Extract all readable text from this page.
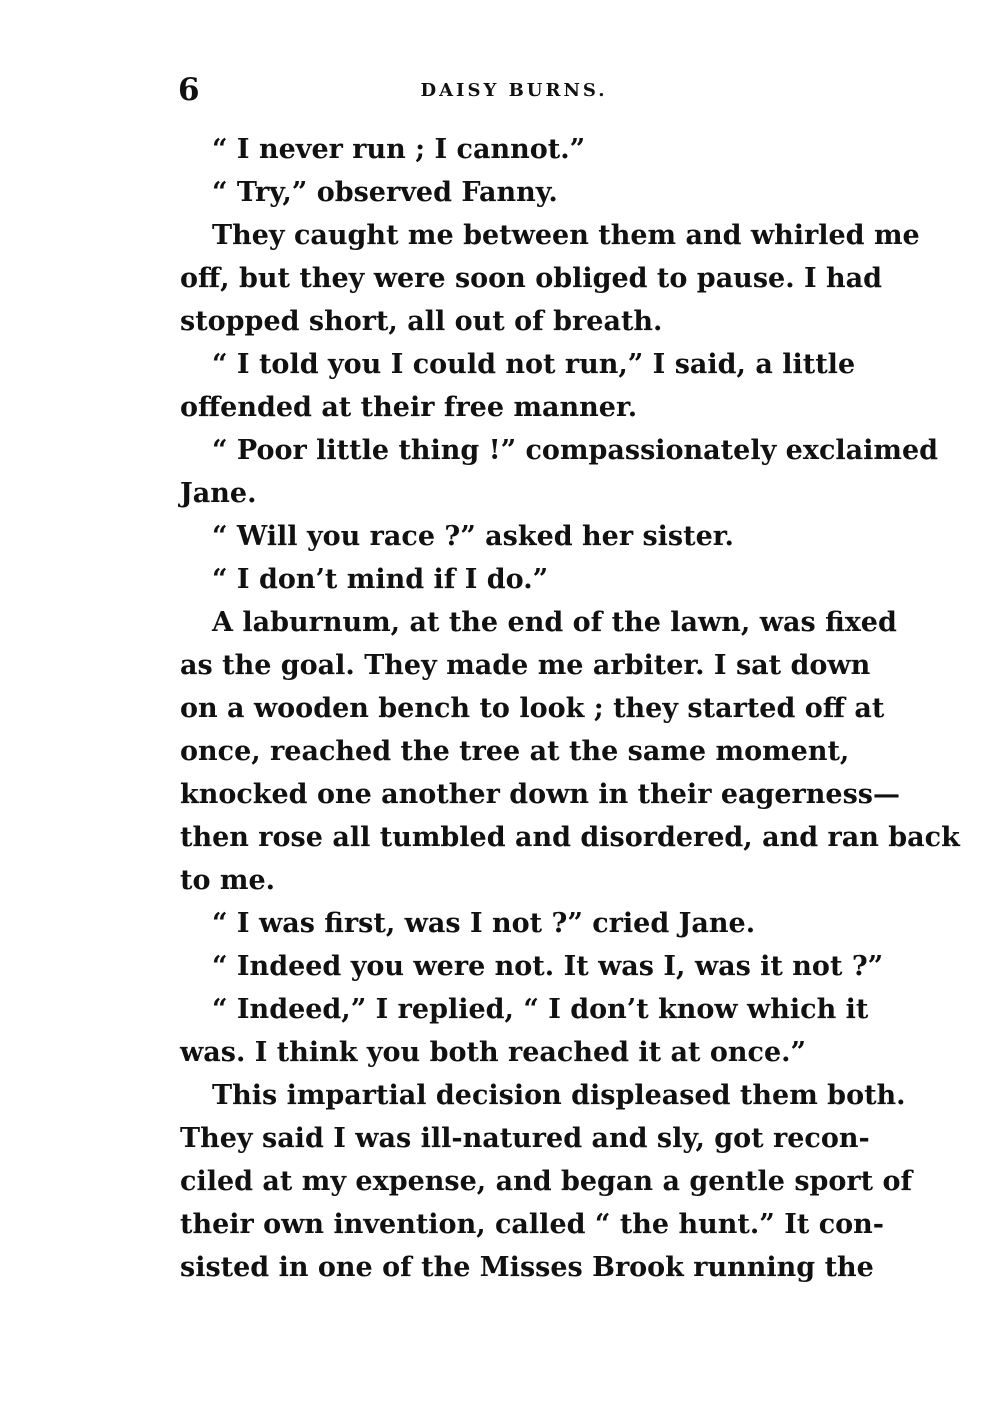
6	DAISY BURNS.
“ I never run ; I cannot.”
“ Try,” observed Fanny.
They caught me between them and whirled me
off, but they were soon obliged to pause. I had
stopped short, all out of breath.
“ I told you I could not run,” I said, a little
offended at their free manner.
“ Poor little thing !” compassionately exclaimed
Jane.
“ Will you race ?” asked her sister.
“ I don’t mind if I do.”
A laburnum, at the end of the lawn, was fixed
as the goal. They made me arbiter. I sat down
on a wooden bench to look ; they started off at
once, reached the tree at the same moment,
knocked one another down in their eagerness—
then rose all tumbled and disordered, and ran back
to me.
“ I was first, was I not ?” cried Jane.
“ Indeed you were not. It was I, was it not ?”
“ Indeed,” I replied, “ I don’t know which it
was. I think you both reached it at once.”
This impartial decision displeased them both.
They said I was ill-natured and sly, got recon-
ciled at my expense, and began a gentle sport of
their own invention, called “ the hunt.” It con-
sisted in one of the Misses Brook running the
